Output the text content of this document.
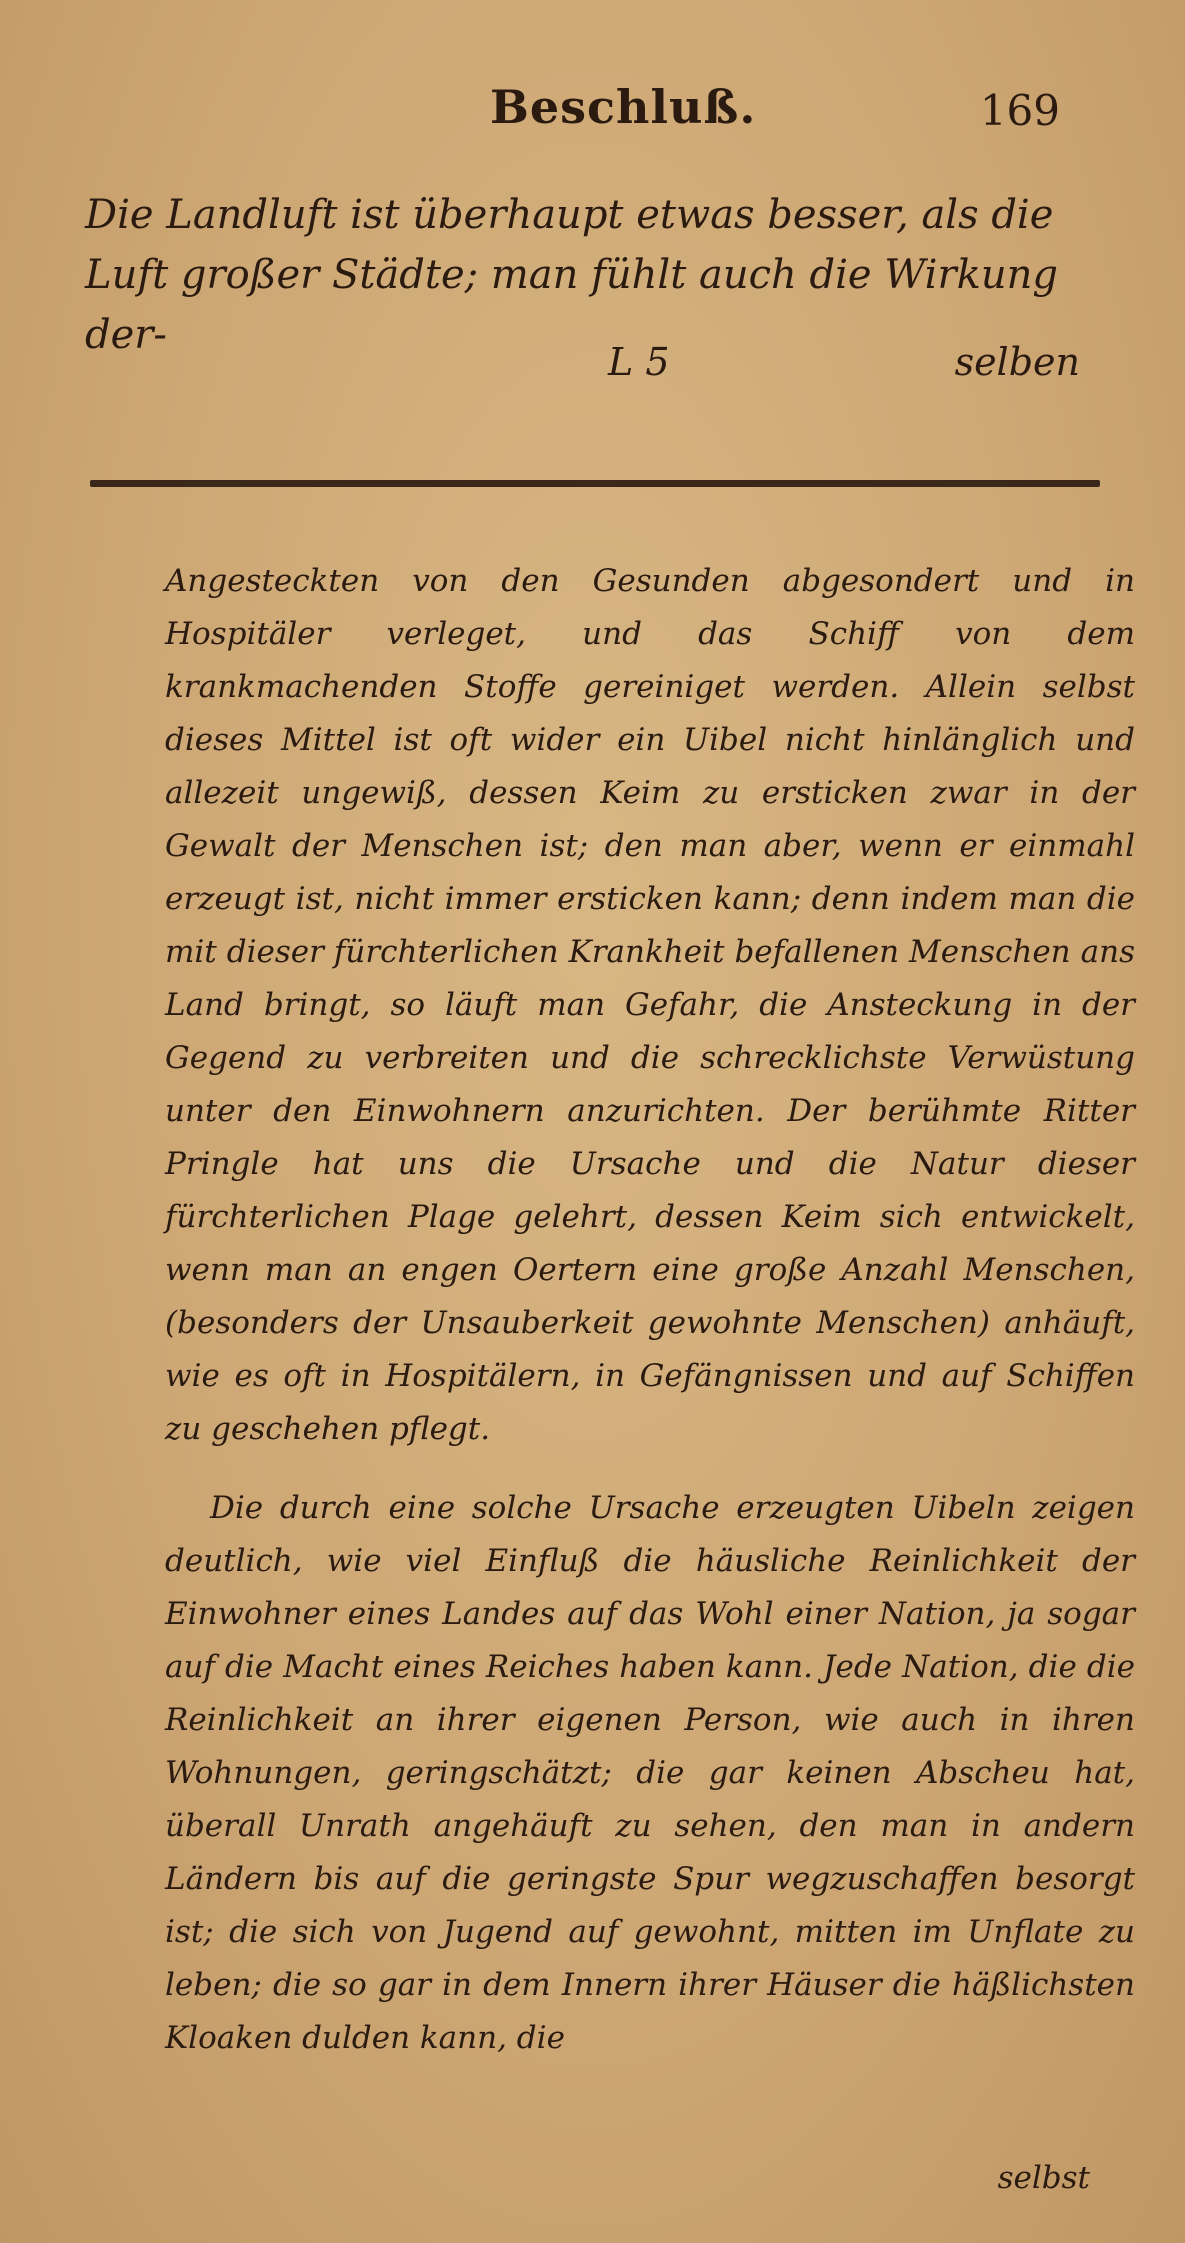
Beschluß.	169

Die Landluft ist überhaupt etwas besser, als die Luft großer Städte; man fühlt auch die Wirkung der-

L 5	selben

Angesteckten von den Gesunden abgesondert und in Hospitäler verleget, und das Schiff von dem krankmachenden Stoffe gereiniget werden. Allein selbst dieses Mittel ist oft wider ein Uibel nicht hinlänglich und allezeit ungewiß, dessen Keim zu ersticken zwar in der Gewalt der Menschen ist; den man aber, wenn er einmahl erzeugt ist, nicht immer ersticken kann; denn indem man die mit dieser fürchterlichen Krankheit befallenen Menschen ans Land bringt, so läuft man Gefahr, die Ansteckung in der Gegend zu verbreiten und die schrecklichste Verwüstung unter den Einwohnern anzurichten. Der berühmte Ritter Pringle hat uns die Ursache und die Natur dieser fürchterlichen Plage gelehrt, dessen Keim sich entwickelt, wenn man an engen Oertern eine große Anzahl Menschen, (besonders der Unsauberkeit gewohnte Menschen) anhäuft, wie es oft in Hospitälern, in Gefängnissen und auf Schiffen zu geschehen pflegt.

Die durch eine solche Ursache erzeugten Uibeln zeigen deutlich, wie viel Einfluß die häusliche Reinlichkeit der Einwohner eines Landes auf das Wohl einer Nation, ja sogar auf die Macht eines Reiches haben kann. Jede Nation, die die Reinlichkeit an ihrer eigenen Person, wie auch in ihren Wohnungen, geringschätzt; die gar keinen Abscheu hat, überall Unrath angehäuft zu sehen, den man in andern Ländern bis auf die geringste Spur wegzuschaffen besorgt ist; die sich von Jugend auf gewohnt, mitten im Unflate zu leben; die so gar in dem Innern ihrer Häuser die häßlichsten Kloaken dulden kann, die

selbst
